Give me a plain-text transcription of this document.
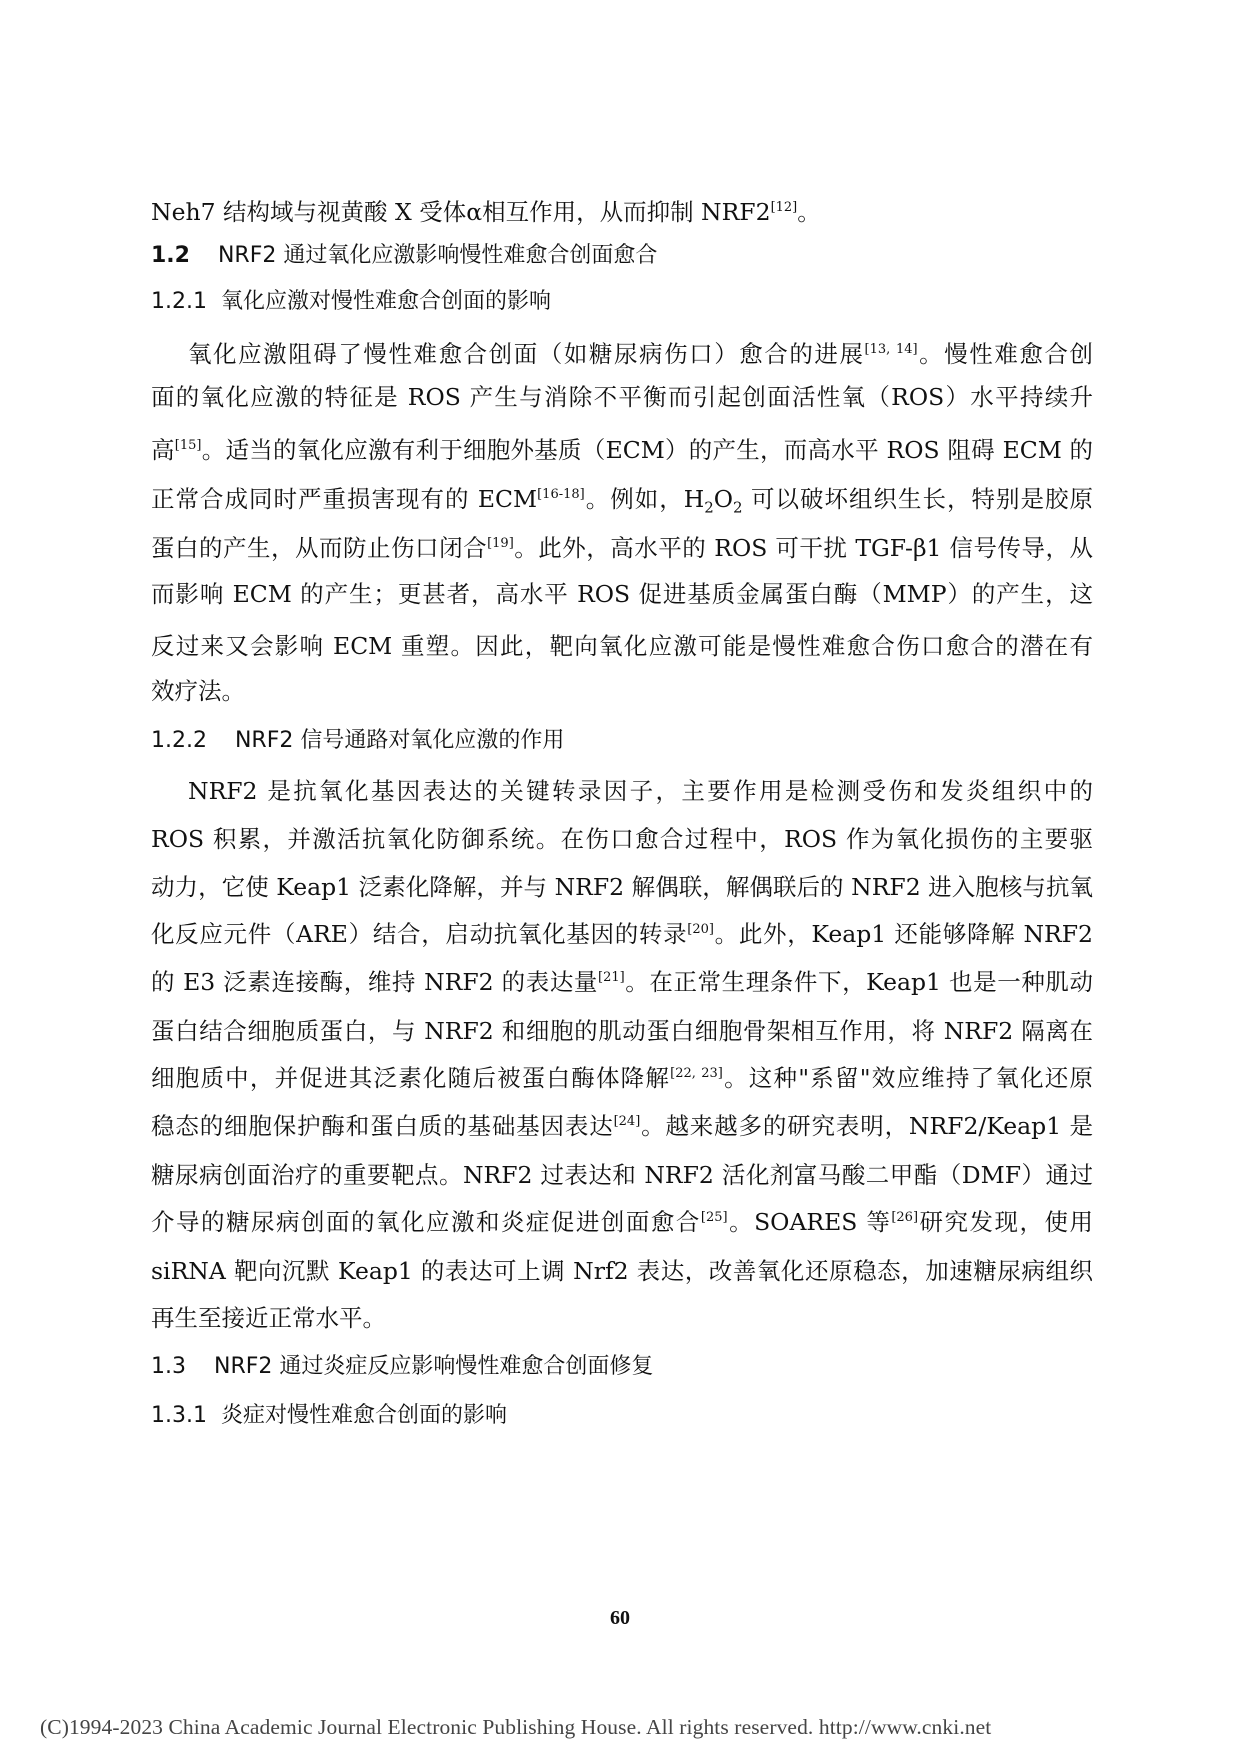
Neh7 结构域与视黄酸 X 受体α相互作用，从而抑制 NRF2[12]。
1.2 NRF2 通过氧化应激影响慢性难愈合创面愈合
1.2.1 氧化应激对慢性难愈合创面的影响
氧化应激阻碍了慢性难愈合创面（如糖尿病伤口）愈合的进展[13, 14]。慢性难愈合创
面的氧化应激的特征是 ROS 产生与消除不平衡而引起创面活性氧（ROS）水平持续升
高[15]。适当的氧化应激有利于细胞外基质（ECM）的产生，而高水平 ROS 阻碍 ECM 的
正常合成同时严重损害现有的 ECM[16-18]。例如，$H_2O_2$ 可以破坏组织生长，特别是胶原
蛋白的产生，从而防止伤口闭合[19]。此外，高水平的 ROS 可干扰 TGF-β1 信号传导，从
而影响 ECM 的产生；更甚者，高水平 ROS 促进基质金属蛋白酶（MMP）的产生，这
反过来又会影响 ECM 重塑。因此，靶向氧化应激可能是慢性难愈合伤口愈合的潜在有
效疗法。
1.2.2 NRF2 信号通路对氧化应激的作用
NRF2 是抗氧化基因表达的关键转录因子，主要作用是检测受伤和发炎组织中的
ROS 积累，并激活抗氧化防御系统。在伤口愈合过程中，ROS 作为氧化损伤的主要驱
动力，它使 Keap1 泛素化降解，并与 NRF2 解偶联，解偶联后的 NRF2 进入胞核与抗氧
化反应元件（ARE）结合，启动抗氧化基因的转录[20]。此外，Keap1 还能够降解 NRF2
的 E3 泛素连接酶，维持 NRF2 的表达量[21]。在正常生理条件下，Keap1 也是一种肌动
蛋白结合细胞质蛋白，与 NRF2 和细胞的肌动蛋白细胞骨架相互作用，将 NRF2 隔离在
细胞质中，并促进其泛素化随后被蛋白酶体降解[22, 23]。这种"系留"效应维持了氧化还原
稳态的细胞保护酶和蛋白质的基础基因表达[24]。越来越多的研究表明，NRF2/Keap1 是
糖尿病创面治疗的重要靶点。NRF2 过表达和 NRF2 活化剂富马酸二甲酯（DMF）通过
介导的糖尿病创面的氧化应激和炎症促进创面愈合[25]。SOARES 等[26]研究发现，使用
siRNA 靶向沉默 Keap1 的表达可上调 Nrf2 表达，改善氧化还原稳态，加速糖尿病组织
再生至接近正常水平。
1.3 NRF2 通过炎症反应影响慢性难愈合创面修复
1.3.1 炎症对慢性难愈合创面的影响
60
(C)1994-2023 China Academic Journal Electronic Publishing House. All rights reserved. http://www.cnki.net
